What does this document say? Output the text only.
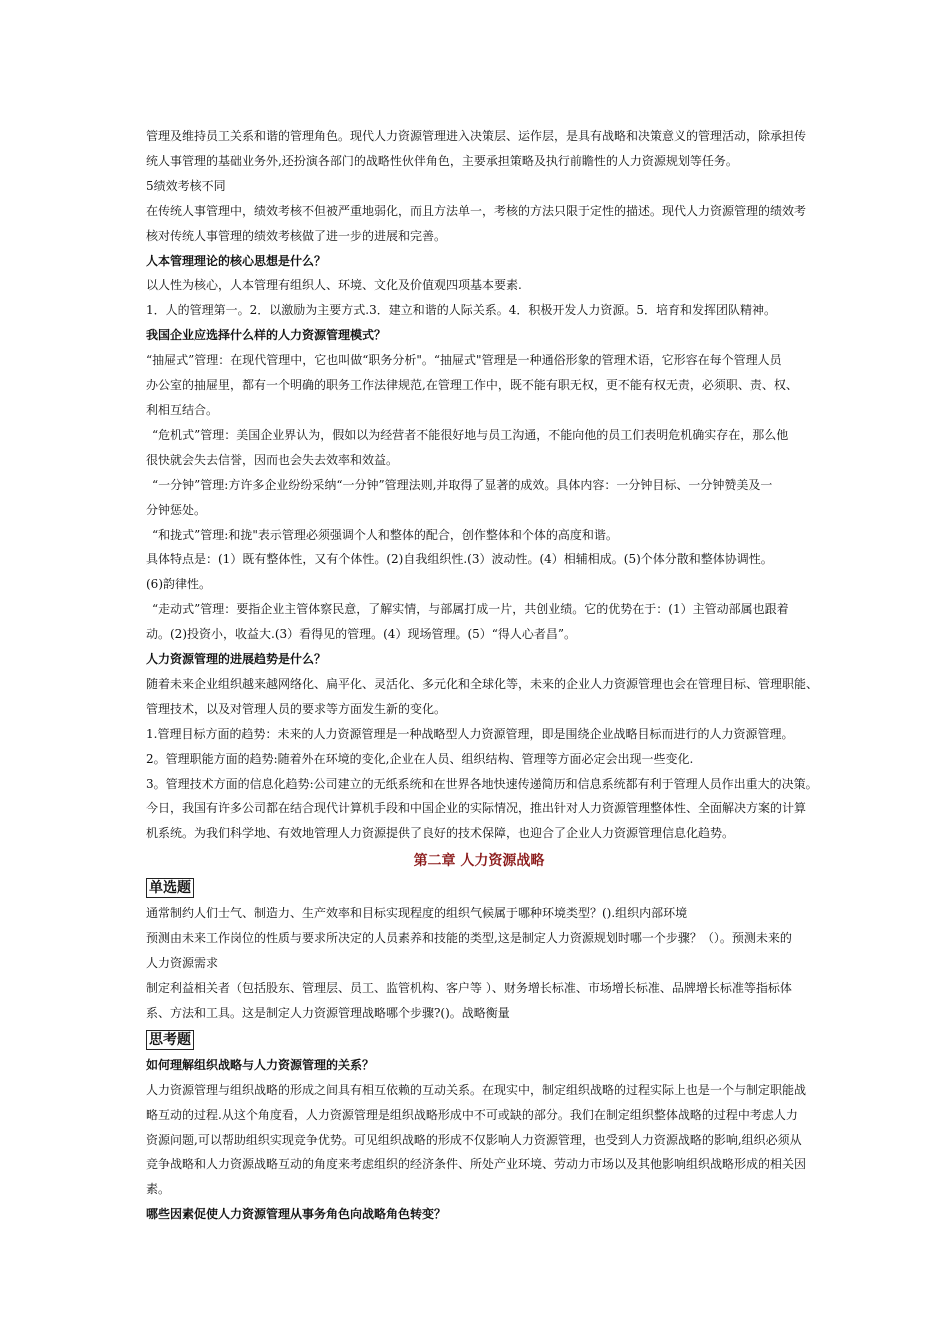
管理及维持员工关系和谐的管理角色。现代人力资源管理进入决策层、运作层，是具有战略和决策意义的管理活动，除承担传

统人事管理的基础业务外,还扮演各部门的战略性伙伴角色，主要承担策略及执行前瞻性的人力资源规划等任务。

5绩效考核不同

在传统人事管理中，绩效考核不但被严重地弱化，而且方法单一，考核的方法只限于定性的描述。现代人力资源管理的绩效考

核对传统人事管理的绩效考核做了进一步的进展和完善。

人本管理理论的核心思想是什么？

以人性为核心，人本管理有组织人、环境、文化及价值观四项基本要素.

1．人的管理第一。2．以激励为主要方式.3．建立和谐的人际关系。4．积极开发人力资源。5．培育和发挥团队精神。

我国企业应选择什么样的人力资源管理模式？

“抽屉式”管理：在现代管理中，它也叫做“职务分析"。“抽屉式"管理是一种通俗形象的管理术语，它形容在每个管理人员

办公室的抽屉里，都有一个明确的职务工作法律规范,在管理工作中，既不能有职无权，更不能有权无责，必须职、责、权、

利相互结合。

“危机式”管理：美国企业界认为，假如以为经营者不能很好地与员工沟通，不能向他的员工们表明危机确实存在，那么他

很快就会失去信誉，因而也会失去效率和效益。

“一分钟”管理:方许多企业纷纷采纳“一分钟”管理法则,并取得了显著的成效。具体内容：一分钟目标、一分钟赞美及一

分钟惩处。

“和拢式”管理:和拢"表示管理必须强调个人和整体的配合，创作整体和个体的高度和谐。

具体特点是：(1）既有整体性，又有个体性。(2)自我组织性.(3）波动性。(4）相辅相成。(5)个体分散和整体协调性。

(6)韵律性。

“走动式”管理：要指企业主管体察民意，了解实情，与部属打成一片，共创业绩。它的优势在于：(1）主管动部属也跟着

动。(2)投资小，收益大.(3）看得见的管理。(4）现场管理。(5）“得人心者昌”。

人力资源管理的进展趋势是什么？

随着未来企业组织越来越网络化、扁平化、灵活化、多元化和全球化等，未来的企业人力资源管理也会在管理目标、管理职能、

管理技术，以及对管理人员的要求等方面发生新的变化。

1.管理目标方面的趋势：未来的人力资源管理是一种战略型人力资源管理，即是围绕企业战略目标而进行的人力资源管理。

2。管理职能方面的趋势:随着外在环境的变化,企业在人员、组织结构、管理等方面必定会出现一些变化.

3。管理技术方面的信息化趋势:公司建立的无纸系统和在世界各地快速传递简历和信息系统都有利于管理人员作出重大的决策。

今日，我国有许多公司都在结合现代计算机手段和中国企业的实际情况，推出针对人力资源管理整体性、全面解决方案的计算

机系统。为我们科学地、有效地管理人力资源提供了良好的技术保障，也迎合了企业人力资源管理信息化趋势。

第二章 人力资源战略

单选题

通常制约人们士气、制造力、生产效率和目标实现程度的组织气候属于哪种环境类型？().组织内部环境

预测由未来工作岗位的性质与要求所决定的人员素养和技能的类型,这是制定人力资源规划时哪一个步骤？（）。预测未来的

人力资源需求

制定利益相关者（包括股东、管理层、员工、监管机构、客户等 ）、财务增长标准、市场增长标准、品牌增长标准等指标体

系、方法和工具。这是制定人力资源管理战略哪个步骤?()。战略衡量

思考题

如何理解组织战略与人力资源管理的关系？

人力资源管理与组织战略的形成之间具有相互依赖的互动关系。在现实中，制定组织战略的过程实际上也是一个与制定职能战

略互动的过程.从这个角度看，人力资源管理是组织战略形成中不可或缺的部分。我们在制定组织整体战略的过程中考虑人力

资源问题,可以帮助组织实现竞争优势。可见组织战略的形成不仅影响人力资源管理，也受到人力资源战略的影响,组织必须从

竞争战略和人力资源战略互动的角度来考虑组织的经济条件、所处产业环境、劳动力市场以及其他影响组织战略形成的相关因

素。

哪些因素促使人力资源管理从事务角色向战略角色转变？
